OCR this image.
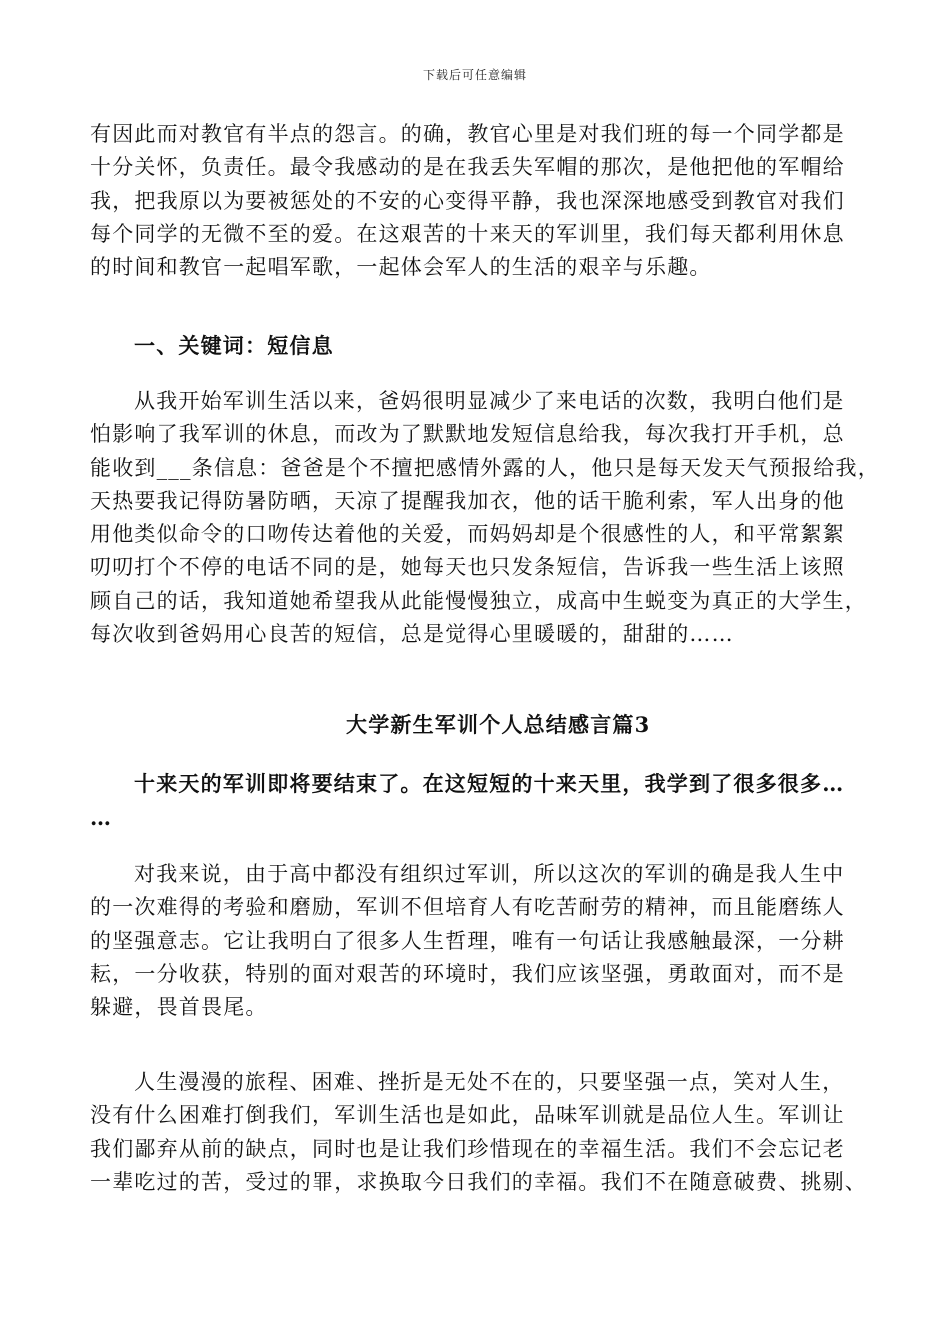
下载后可任意编辑
有因此而对教官有半点的怨言。的确，教官心里是对我们班的每一个同学都是
十分关怀，负责任。最令我感动的是在我丢失军帽的那次，是他把他的军帽给
我，把我原以为要被惩处的不安的心变得平静，我也深深地感受到教官对我们
每个同学的无微不至的爱。在这艰苦的十来天的军训里，我们每天都利用休息
的时间和教官一起唱军歌，一起体会军人的生活的艰辛与乐趣。
一、关键词：短信息
从我开始军训生活以来，爸妈很明显减少了来电话的次数，我明白他们是
怕影响了我军训的休息，而改为了默默地发短信息给我，每次我打开手机，总
能收到___条信息：爸爸是个不擅把感情外露的人，他只是每天发天气预报给我，
天热要我记得防暑防晒，天凉了提醒我加衣，他的话干脆利索，军人出身的他
用他类似命令的口吻传达着他的关爱，而妈妈却是个很感性的人，和平常絮絮
叨叨打个不停的电话不同的是，她每天也只发条短信，告诉我一些生活上该照
顾自己的话，我知道她希望我从此能慢慢独立，成高中生蜕变为真正的大学生，
每次收到爸妈用心良苦的短信，总是觉得心里暖暖的，甜甜的……
大学新生军训个人总结感言篇3
十来天的军训即将要结束了。在这短短的十来天里，我学到了很多很多…
…
对我来说，由于高中都没有组织过军训，所以这次的军训的确是我人生中
的一次难得的考验和磨励，军训不但培育人有吃苦耐劳的精神，而且能磨练人
的坚强意志。它让我明白了很多人生哲理，唯有一句话让我感触最深，一分耕
耘，一分收获，特别的面对艰苦的环境时，我们应该坚强，勇敢面对，而不是
躲避，畏首畏尾。
人生漫漫的旅程、困难、挫折是无处不在的，只要坚强一点，笑对人生，
没有什么困难打倒我们，军训生活也是如此，品味军训就是品位人生。军训让
我们鄙弃从前的缺点，同时也是让我们珍惜现在的幸福生活。我们不会忘记老
一辈吃过的苦，受过的罪，求换取今日我们的幸福。我们不在随意破费、挑剔、
